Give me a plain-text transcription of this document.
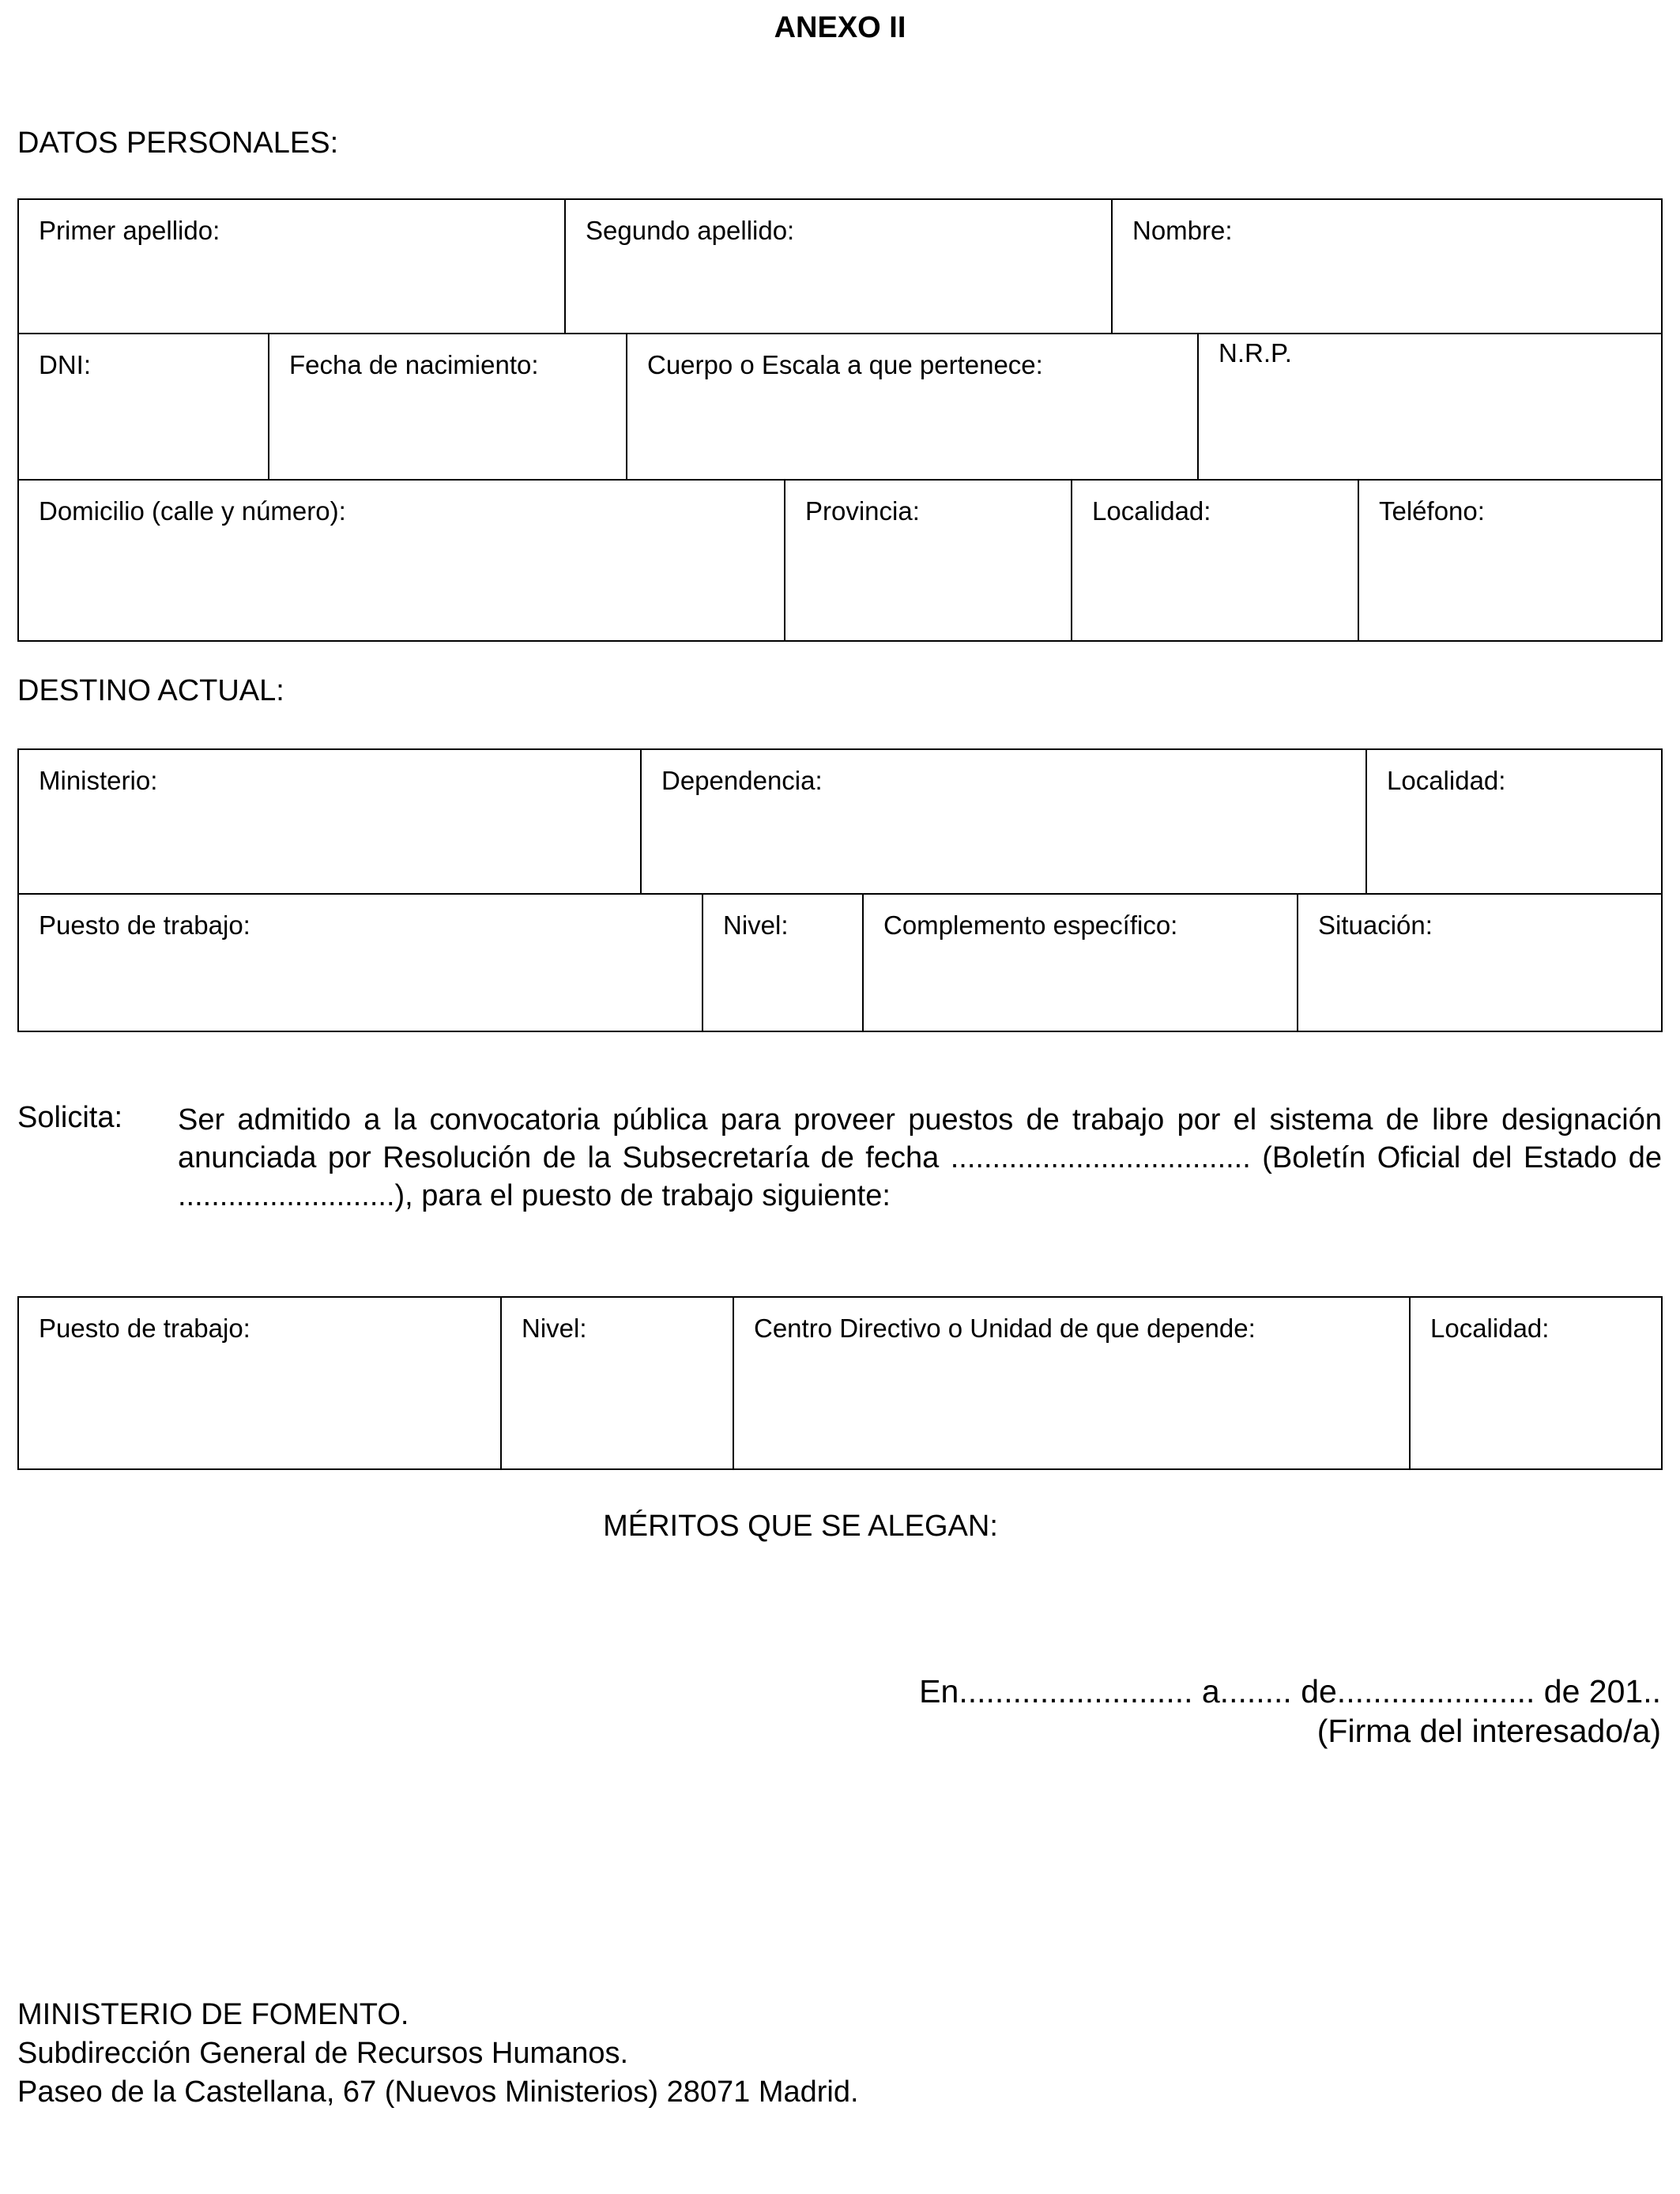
ANEXO II
DATOS PERSONALES:
Primer apellido:	Segundo apellido:	Nombre:
DNI:	Fecha de nacimiento:	Cuerpo o Escala a que pertenece:	N.R.P.
Domicilio (calle y número):	Provincia:	Localidad:	Teléfono:
DESTINO ACTUAL:
Ministerio:	Dependencia:	Localidad:
Puesto de trabajo:	Nivel:	Complemento específico:	Situación:
Solicita: Ser admitido a la convocatoria pública para proveer puestos de trabajo por el sistema de libre designación anunciada por Resolución de la Subsecretaría de fecha .................................... (Boletín Oficial del Estado de ..........................), para el puesto de trabajo siguiente:
Puesto de trabajo:	Nivel:	Centro Directivo o Unidad de que depende:	Localidad:
MÉRITOS QUE SE ALEGAN:
En.......................... a........ de...................... de 201..
(Firma del interesado/a)
MINISTERIO DE FOMENTO.
Subdirección General de Recursos Humanos.
Paseo de la Castellana, 67 (Nuevos Ministerios) 28071 Madrid.
